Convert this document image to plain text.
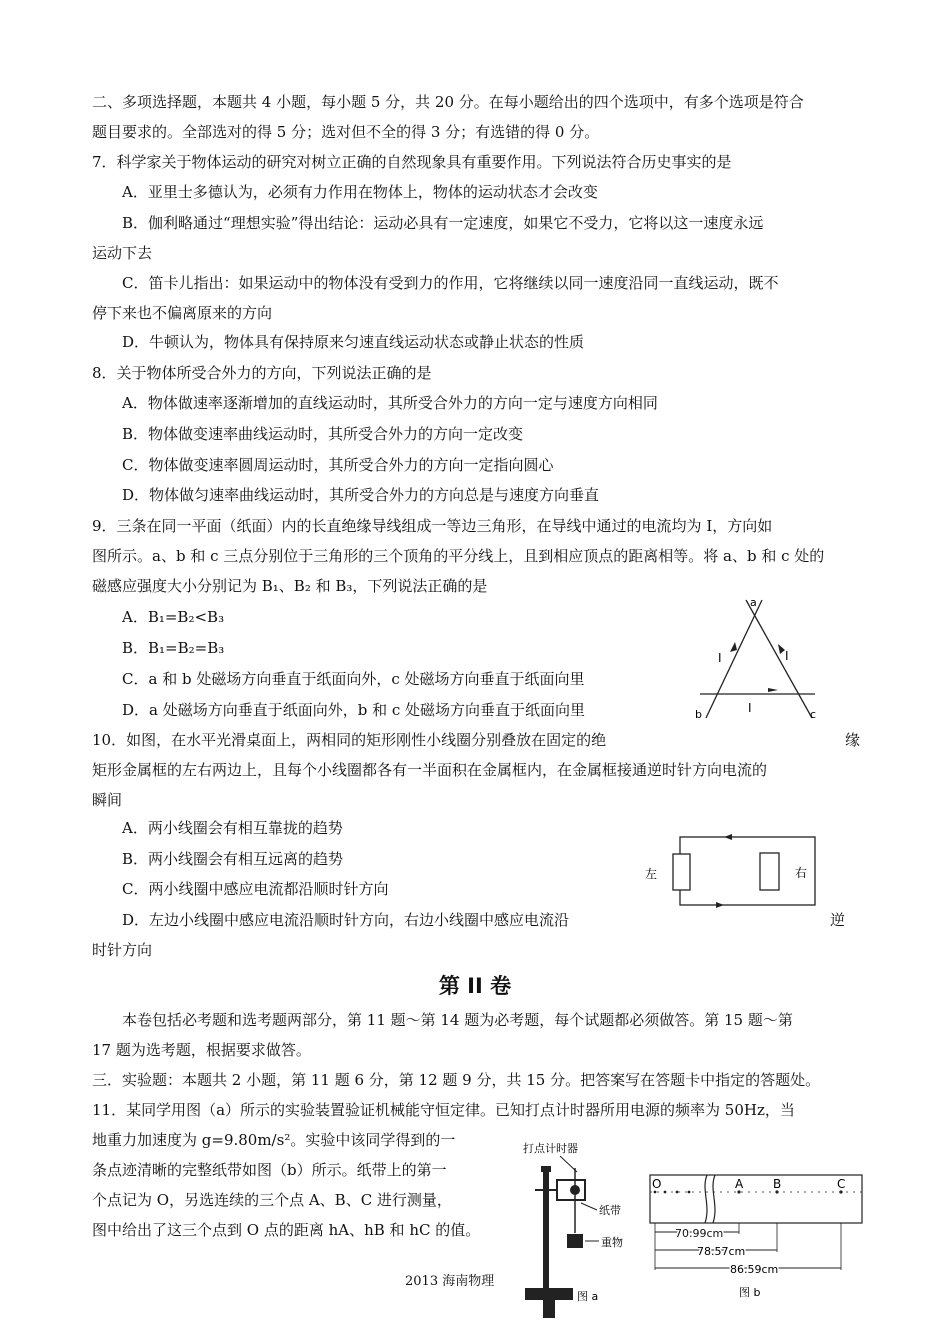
二、多项选择题，本题共 4 小题，每小题 5 分，共 20 分。在每小题给出的四个选项中，有多个选项是符合
题目要求的。全部选对的得 5 分；选对但不全的得 3 分；有选错的得 0 分。
7．科学家关于物体运动的研究对树立正确的自然现象具有重要作用。下列说法符合历史事实的是
A．亚里士多德认为，必须有力作用在物体上，物体的运动状态才会改变
B．伽利略通过“理想实验”得出结论：运动必具有一定速度，如果它不受力，它将以这一速度永远
运动下去
C．笛卡儿指出：如果运动中的物体没有受到力的作用，它将继续以同一速度沿同一直线运动，既不
停下来也不偏离原来的方向
D．牛顿认为，物体具有保持原来匀速直线运动状态或静止状态的性质
8．关于物体所受合外力的方向，下列说法正确的是
A．物体做速率逐渐增加的直线运动时，其所受合外力的方向一定与速度方向相同
B．物体做变速率曲线运动时，其所受合外力的方向一定改变
C．物体做变速率圆周运动时，其所受合外力的方向一定指向圆心
D．物体做匀速率曲线运动时，其所受合外力的方向总是与速度方向垂直
9．三条在同一平面（纸面）内的长直绝缘导线组成一等边三角形，在导线中通过的电流均为 I，方向如
图所示。a、b 和 c 三点分别位于三角形的三个顶角的平分线上，且到相应顶点的距离相等。将 a、b 和 c 处的
磁感应强度大小分别记为 B₁、B₂ 和 B₃，下列说法正确的是
A．B₁=B₂<B₃
B．B₁=B₂=B₃
C．a 和 b 处磁场方向垂直于纸面向外，c 处磁场方向垂直于纸面向里
D．a 处磁场方向垂直于纸面向外，b 和 c 处磁场方向垂直于纸面向里
a
b	c
I	I
I
10．如图，在水平光滑桌面上，两相同的矩形刚性小线圈分别叠放在固定的绝	缘
矩形金属框的左右两边上，且每个小线圈都各有一半面积在金属框内，在金属框接通逆时针方向电流的
瞬间
A．两小线圈会有相互靠拢的趋势
B．两小线圈会有相互远离的趋势
C．两小线圈中感应电流都沿顺时针方向
D．左边小线圈中感应电流沿顺时针方向，右边小线圈中感应电流沿	逆
时针方向
左	右
第 II 卷
本卷包括必考题和选考题两部分，第 11 题～第 14 题为必考题，每个试题都必须做答。第 15 题～第
17 题为选考题，根据要求做答。
三．实验题：本题共 2 小题，第 11 题 6 分，第 12 题 9 分，共 15 分。把答案写在答题卡中指定的答题处。
11．某同学用图（a）所示的实验装置验证机械能守恒定律。已知打点计时器所用电源的频率为 50Hz，当
地重力加速度为 g=9.80m/s²。实验中该同学得到的一
条点迹清晰的完整纸带如图（b）所示。纸带上的第一
个点记为 O，另选连续的三个点 A、B、C 进行测量，
图中给出了这三个点到 O 点的距离 hA、hB 和 hC 的值。
打点计时器
纸带
重物
图 a
O	A B	C
70.99cm
78.57cm
86.59cm
图 b
2013 海南物理
